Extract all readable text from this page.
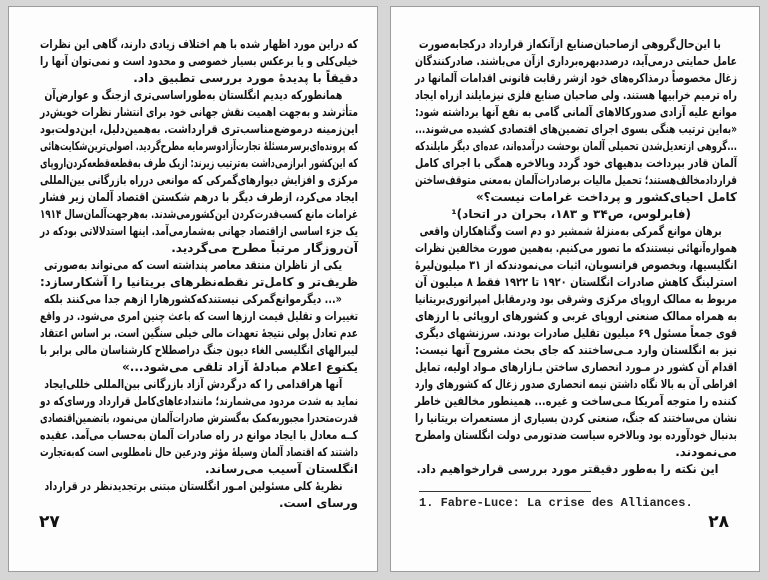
که دراین مورد اظهار شده با هم اختلاف زیادی دارند، گاهی این نظرات
خیلی‌کلی و یا برعکس بسیار خصوصی و محدود است و نمی‌توان آنها را
دقیقاً با پدیدهٔ مورد بررسی تطبیق داد.
همانطورکه دیدیم انگلستان به‌طوراساسی‌تری ازجنگ و عوارض‌آن
متأثرشد و به‌جهت اهمیت نقش جهانی خود برای انتشار نظرات خویش‌در
این‌زمینه درموضع‌مناسب‌تری قرارداشت. به‌همین‌دلیل، این‌دولت‌بود
که پرونده‌ای‌برسرمسئلهٔ تجارت‌آزادوسرمایه مطرح‌گردید. اصولی‌ترین‌شکایت‌هائی
که این‌کشور ابرازمی‌داشت به‌ترتیب زیرند: ازیک طرف به‌قطعه‌قطعه‌کردن‌اروپای
مرکزی و افزایش دیوارهای‌گمرکی که موانعی درراه بازرگانی بین‌المللی
ایجاد می‌کرد، ازطرف دیگر با درهم شکستن اقتصاد آلمان زیر فشار
غرامات مانع کسب‌قدرت‌کردن این‌کشورمی‌شدند. به‌هرجهت‌آلمان‌سال ۱۹۱۴
یک جزء اساسی ازاقتصاد جهانی به‌شمارمی‌آمد. اینها استدلالاتی بودکه در
آن‌روزگار مرتباً مطرح می‌گردید.
یکی از ناظران منتقد معاصر پنداشته است که می‌تواند به‌صورتی
ظریف‌تر و کامل‌تر نقطه‌نظرهای بریتانیا را آشکارسازد:
«... دیگرموانع‌گمرکی نیستندکه‌کشورهارا ازهم جدا می‌کنند بلکه
تغییرات و تقلیل قیمت ارزها است که باعث چنین امری می‌شود. در واقع
عدم تعادل پولی نتیجهٔ تعهدات مالی خیلی سنگین است. بر اساس اعتقاد
لیبرالهای انگلیسی الغاء دیون جنگ دراصطلاح کارشناسان مالی برابر با
یکنوع اعلام مبادلهٔ آزاد تلقی می‌شود...»
آنها هراقدامی را که درگردش آزاد بازرگانی بین‌المللی خللی‌ایجاد
نماید به شدت مردود می‌شمارند؛ مانندادعاهای‌کامل قرارداد ورسای‌که دو
قدرت‌متحدرا مجبوربه‌کمک به‌گسترش صادرات‌آلمان می‌نمود، باتضمین‌اقتصادی
کــه معادل با ایجاد موانع در راه صادرات آلمان به‌حساب می‌آمد. عقیده
داشتند که اقتصاد آلمان وسیلهٔ مؤثر ودرعین حال نامطلوبی است که‌به‌تجارت
انگلستان آسیب می‌رساند.
نظریهٔ کلی مسئولین امـور انگلستان مبتنی برتجدیدنظر در قرارداد
ورسای است.
۲۷
با این‌حال‌گروهی ازصاحبان‌صنایع ازآنکه‌از قرارداد درکجابه‌صورت
عامل حمایتی درمی‌آید، درصددبهره‌برداری ازآن می‌باشند. صادرکنندگان
زغال مخصوصاً درمذاکره‌های خود ازشر رقابت قانونی اقدامات آلمانها در
راه ترمیم خرابیها هستند. ولی صاحبان صنایع فلزی نیزمایلند ازراه ایجاد
موانع علیه آزادی صدورکالاهای آلمانی گامی به نفع آنها برداشته شود:
«به‌این ترتیب هنگی بسوی اجرای تضمین‌های اقتصادی کشیده می‌شوند...
...گروهی ازتعدیل‌شدن تحمیلی آلمان بوحشت درآمده‌اند، عده‌ای دیگر مایلندکه
آلمان قادر بپرداخت بدهیهای خود گردد وبالاخره همگی با اجرای کامل
قراردادمخالف‌هستند؛ تحمیل مالیات برصادرات‌آلمان به‌معنی متوقف‌ساختن
کامل احیای‌کشور و پرداخت غرامات نیست؟»
(فابرلوس، ص۳۴ و ۱۸۳، بحران در اتحاد)¹
برهان موانع گمرکی به‌منزلهٔ شمشیر دو دم است وگناهکاران واقعی
همواره‌آنهائی نیستندکه ما تصور می‌کنیم. به‌همین صورت مخالفین نظرات
انگلیسیها، وبخصوص فرانسویان، اثبات می‌نمودندکه از ۳۱ میلیون‌لیرهٔ
استرلینگ کاهش صادرات انگلستان ۱۹۲۰ تا ۱۹۲۲ فقط ۸ میلیون آن
مربوط به ممالک اروپای مرکزی وشرقی بود ودرمقابل امپراتوری‌بریتانیا
به همراه ممالک صنعتی اروپای غربی و کشورهای اروپائی با ارزهای
قوی جمعاً مسئول ۶۹ میلیون تقلیل صادرات بودند. سرزنشهای دیگری
نیز به انگلستان وارد مـی‌ساختند که جای بحث مشروح آنها نیست:
اقدام آن کشور در مـورد انحصاری ساختن بـازارهای مـواد اولیه، تمایل
افراطی آن به بالا نگاه داشتن نیمه انحصاری صدور زغال که کشورهای وارد
کننده را متوجه آمریکا مـی‌ساخت و غیره... همینطور مخالفین خاطر
نشان می‌ساختند که جنگ، صنعتی کردن بسیاری از مستعمرات بریتانیا را
بدنبال خودآورده بود وبالاخره سیاست ضدتورمی دولت انگلستان وامطرح
می‌نمودند.
این نکته را به‌طور دقیقتر مورد بررسی قرارخواهیم داد.
1. Fabre-Luce: La crise des Alliances.
۲۸
